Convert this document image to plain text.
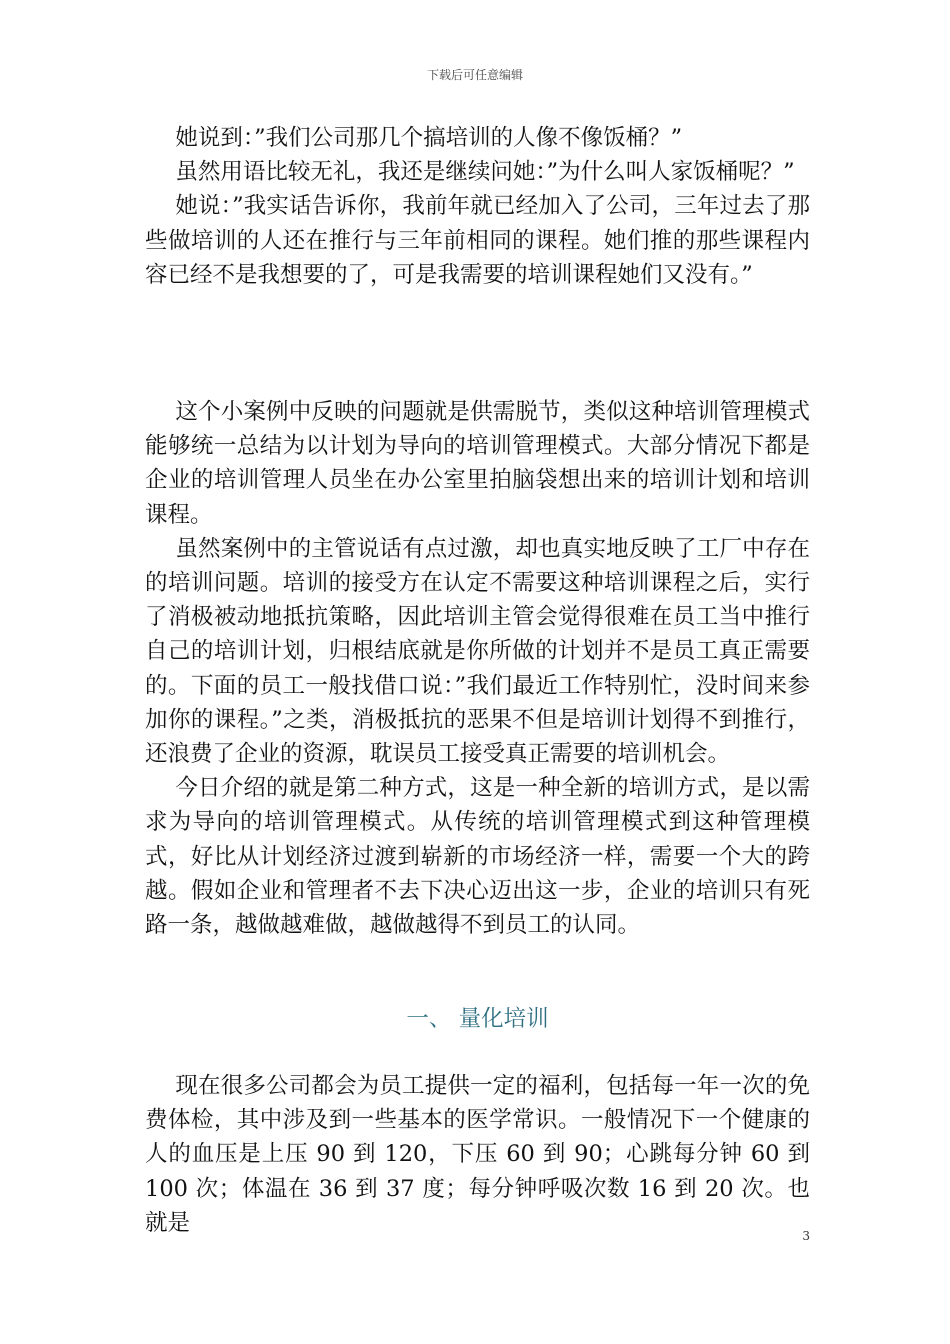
下载后可任意编辑

她说到：”我们公司那几个搞培训的人像不像饭桶？”

虽然用语比较无礼，我还是继续问她：”为什么叫人家饭桶呢？”

她说：”我实话告诉你，我前年就已经加入了公司，三年过去了那些做培训的人还在推行与三年前相同的课程。她们推的那些课程内容已经不是我想要的了，可是我需要的培训课程她们又没有。”

这个小案例中反映的问题就是供需脱节，类似这种培训管理模式能够统一总结为以计划为导向的培训管理模式。大部分情况下都是企业的培训管理人员坐在办公室里拍脑袋想出来的培训计划和培训课程。

虽然案例中的主管说话有点过激，却也真实地反映了工厂中存在的培训问题。培训的接受方在认定不需要这种培训课程之后，实行了消极被动地抵抗策略，因此培训主管会觉得很难在员工当中推行自己的培训计划，归根结底就是你所做的计划并不是员工真正需要的。下面的员工一般找借口说：”我们最近工作特别忙，没时间来参加你的课程。”之类，消极抵抗的恶果不但是培训计划得不到推行，还浪费了企业的资源，耽误员工接受真正需要的培训机会。

今日介绍的就是第二种方式，这是一种全新的培训方式，是以需求为导向的培训管理模式。从传统的培训管理模式到这种管理模式，好比从计划经济过渡到崭新的市场经济一样，需要一个大的跨越。假如企业和管理者不去下决心迈出这一步，企业的培训只有死路一条，越做越难做，越做越得不到员工的认同。

一、 量化培训

现在很多公司都会为员工提供一定的福利，包括每一年一次的免费体检，其中涉及到一些基本的医学常识。一般情况下一个健康的人的血压是上压 90 到 120，下压 60 到 90；心跳每分钟 60 到 100 次；体温在 36 到 37 度；每分钟呼吸次数 16 到 20 次。也就是

3
